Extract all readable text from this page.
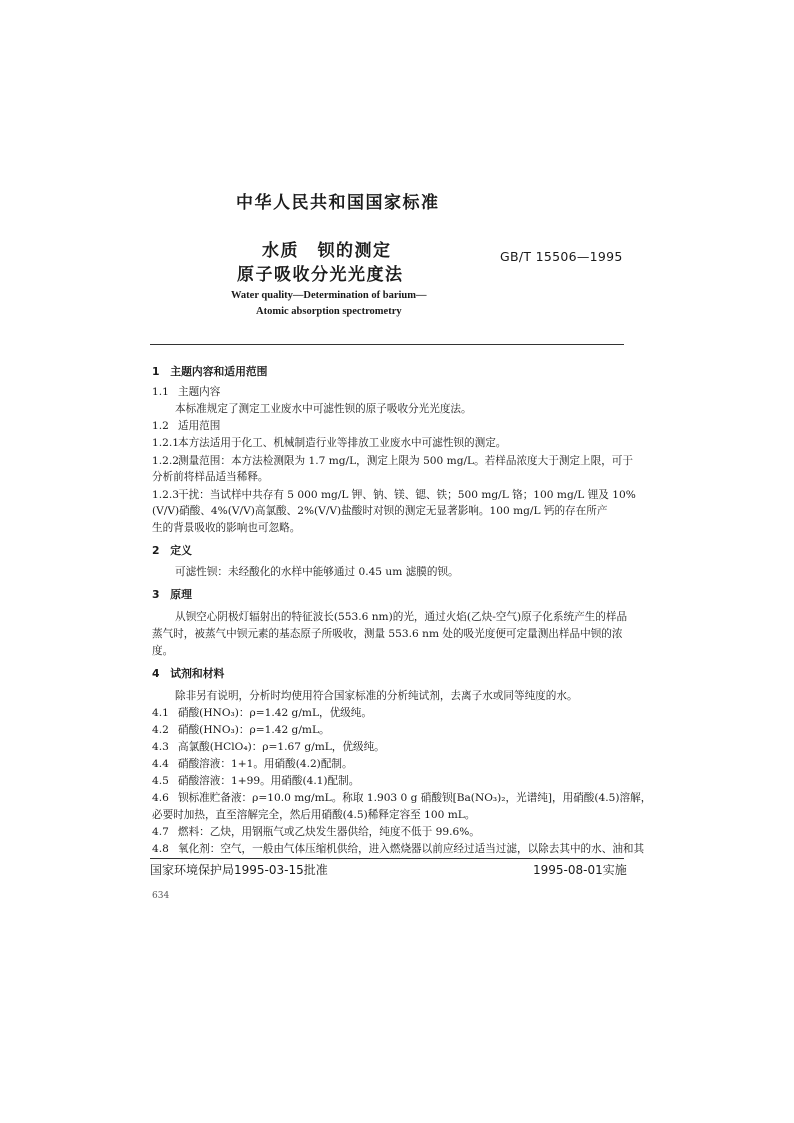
中华人民共和国国家标准
水质　钡的测定
原子吸收分光光度法
GB/T 15506—1995
Water quality—Determination of barium—
Atomic absorption spectrometry
1　主题内容和适用范围
1.1 主题内容
本标准规定了测定工业废水中可滤性钡的原子吸收分光光度法。
1.2 适用范围
1.2.1本方法适用于化工、机械制造行业等排放工业废水中可滤性钡的测定。
1.2.2测量范围：本方法检测限为 1.7 mg/L，测定上限为 500 mg/L。若样品浓度大于测定上限，可于
分析前将样品适当稀释。
1.2.3干扰：当试样中共存有 5 000 mg/L 钾、钠、镁、锶、铁；500 mg/L 铬；100 mg/L 锂及 10%
(V/V)硝酸、4%(V/V)高氯酸、2%(V/V)盐酸时对钡的测定无显著影响。100 mg/L 钙的存在所产
生的背景吸收的影响也可忽略。
2　定义
可滤性钡：未经酸化的水样中能够通过 0.45 um 滤膜的钡。
3　原理
从钡空心阴极灯辐射出的特征波长(553.6 nm)的光，通过火焰(乙炔-空气)原子化系统产生的样品
蒸气时，被蒸气中钡元素的基态原子所吸收，测量 553.6 nm 处的吸光度便可定量测出样品中钡的浓
度。
4　试剂和材料
除非另有说明，分析时均使用符合国家标准的分析纯试剂，去离子水或同等纯度的水。
4.1 硝酸(HNO₃)：ρ=1.42 g/mL，优级纯。
4.2 硝酸(HNO₃)：ρ=1.42 g/mL。
4.3 高氯酸(HClO₄)：ρ=1.67 g/mL，优级纯。
4.4 硝酸溶液：1+1。用硝酸(4.2)配制。
4.5 硝酸溶液：1+99。用硝酸(4.1)配制。
4.6 钡标准贮备液：ρ=10.0 mg/mL。称取 1.903 0 g 硝酸钡[Ba(NO₃)₂，光谱纯]，用硝酸(4.5)溶解，
必要时加热，直至溶解完全，然后用硝酸(4.5)稀释定容至 100 mL。
4.7 燃料：乙炔，用钢瓶气或乙炔发生器供给，纯度不低于 99.6%。
4.8 氧化剂：空气，一般由气体压缩机供给，进入燃烧器以前应经过适当过滤，以除去其中的水、油和其
国家环境保护局1995-03-15批准	1995-08-01实施
634
